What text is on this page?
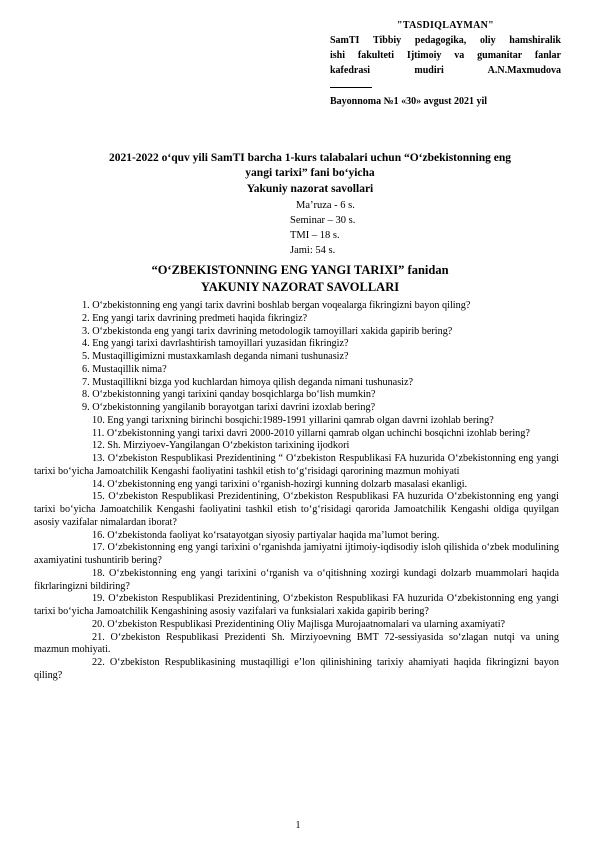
"TASDIQLAYMAN"
SamTI Tibbiy pedagogika, oliy hamshiralik
ishi fakulteti Ijtimoiy va gumanitar fanlar
kafedrasi mudiri A.N.Maxmudova
Bayonnoma №1 «30» avgust 2021 yil
2021-2022 oʻquv yili SamTI barcha 1-kurs talabalari uchun “Oʻzbekistonning eng
yangi tarixi” fani boʻyicha
Yakuniy nazorat savollari
Ma’ruza - 6 s.
Seminar – 30 s.
TMI – 18 s.
Jami: 54 s.
“OʻZBEKISTONNING ENG YANGI TARIXI” fanidan
YAKUNIY NAZORAT SAVOLLARI

1. Oʻzbekistonning eng yangi tarix davrini boshlab bergan voqealarga fikringizni bayon qiling?

2. Eng yangi tarix davrining predmeti haqida fikringiz?

3. Oʻzbekistonda eng yangi tarix davrining metodologik tamoyillari xakida gapirib bering?

4. Eng yangi tarixi davrlashtirish tamoyillari yuzasidan fikringiz?

5. Mustaqilligimizni mustaxkamlash deganda nimani tushunasiz?

6. Mustaqillik nima?

7. Mustaqillikni bizga yod kuchlardan himoya qilish deganda nimani tushunasiz?

8. Oʻzbekistonning yangi tarixini qanday bosqichlarga boʻlish mumkin?

9. Oʻzbekistonning yangilanib borayotgan tarixi davrini izoxlab bering?

10. Eng yangi tarixning birinchi bosqichi:1989-1991 yillarini qamrab olgan davrni izohlab bering?

11. Oʻzbekistonning yangi tarixi davri 2000-2010 yillarni qamrab olgan uchinchi bosqichni izohlab bering?

12. Sh. Mirziyoev-Yangilangan Oʻzbekiston tarixining ijodkori

13. Oʻzbekiston Respublikasi Prezidentining “ Oʻzbekiston Respublikasi FA huzurida Oʻzbekistonning eng yangi tarixi boʻyicha Jamoatchilik Kengashi faoliyatini tashkil etish toʻgʻrisidagi qarorining mazmun mohiyati

14. Oʻzbekistonning eng yangi tarixini oʻrganish-hozirgi kunning dolzarb masalasi ekanligi.

15. Oʻzbekiston Respublikasi Prezidentining, Oʻzbekiston Respublikasi FA huzurida Oʻzbekistonning eng yangi tarixi boʻyicha Jamoatchilik Kengashi faoliyatini tashkil etish toʻgʻrisidagi qarorida Jamoatchilik Kengashi oldiga quyilgan asosiy vazifalar nimalardan iborat?

16. Oʻzbekistonda faoliyat koʻrsatayotgan siyosiy partiyalar haqida ma’lumot bering.

17. Oʻzbekistonning eng yangi tarixini oʻrganishda jamiyatni ijtimoiy-iqdisodiy isloh qilishida oʻzbek modulining axamiyatini tushuntirib bering?

18. Oʻzbekistonning eng yangi tarixini oʻrganish va oʻqitishning xozirgi kundagi dolzarb muammolari haqida fikrlaringizni bildiring?

19. Oʻzbekiston Respublikasi Prezidentining, Oʻzbekiston Respublikasi FA huzurida Oʻzbekistonning eng yangi tarixi boʻyicha Jamoatchilik Kengashining asosiy vazifalari va funksialari xakida gapirib bering?

20. Oʻzbekiston Respublikasi Prezidentining Oliy Majlisga Murojaatnomalari va ularning axamiyati?

21. Oʻzbekiston Respublikasi Prezidenti Sh. Mirziyoevning BMT 72-sessiyasida soʻzlagan nutqi va uning mazmun mohiyati.

22. Oʻzbekiston Respublikasining mustaqilligi e’lon qilinishining tarixiy ahamiyati haqida fikringizni bayon qiling?

1
